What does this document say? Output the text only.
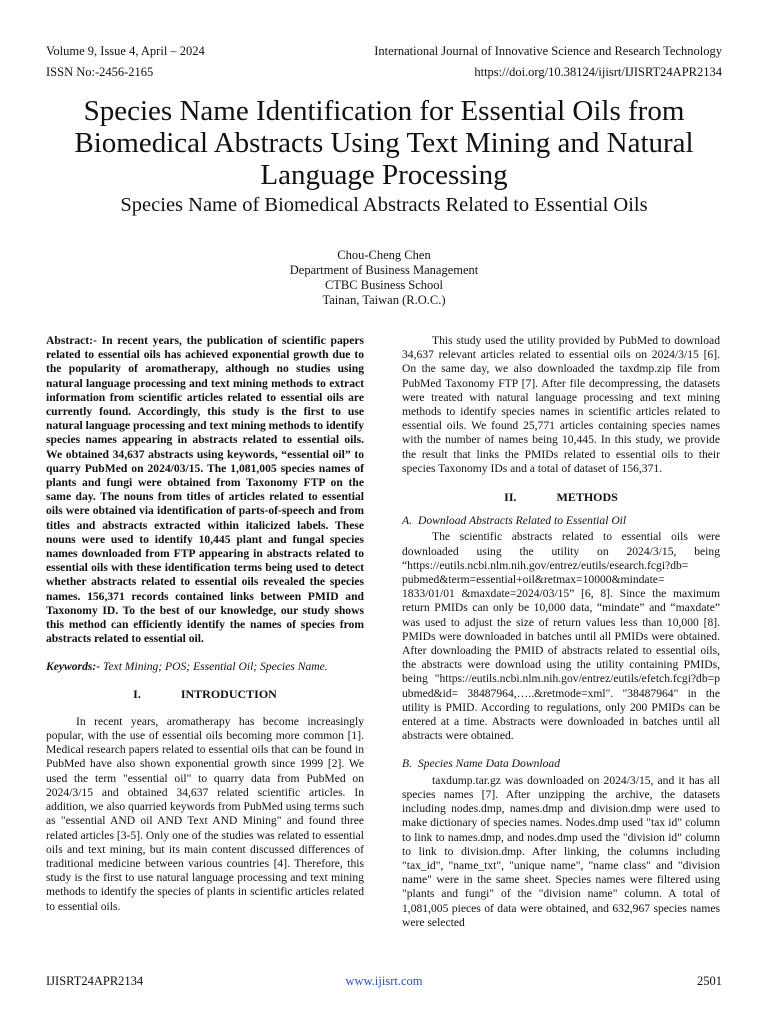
Volume 9, Issue 4, April – 2024	International Journal of Innovative Science and Research Technology
ISSN No:-2456-2165	https://doi.org/10.38124/ijisrt/IJISRT24APR2134
Species Name Identification for Essential Oils from Biomedical Abstracts Using Text Mining and Natural Language Processing
Species Name of Biomedical Abstracts Related to Essential Oils
Chou-Cheng Chen
Department of Business Management
CTBC Business School
Tainan, Taiwan (R.O.C.)

Abstract:- In recent years, the publication of scientific papers related to essential oils has achieved exponential growth due to the popularity of aromatherapy, although no studies using natural language processing and text mining methods to extract information from scientific articles related to essential oils are currently found. Accordingly, this study is the first to use natural language processing and text mining methods to identify species names appearing in abstracts related to essential oils. We obtained 34,637 abstracts using keywords, “essential oil” to quarry PubMed on 2024/03/15. The 1,081,005 species names of plants and fungi were obtained from Taxonomy FTP on the same day. The nouns from titles of articles related to essential oils were obtained via identification of parts-of-speech and from titles and abstracts extracted within italicized labels. These nouns were used to identify 10,445 plant and fungal species names downloaded from FTP appearing in abstracts related to essential oils with these identification terms being used to detect whether abstracts related to essential oils revealed the species names. 156,371 records contained links between PMID and Taxonomy ID. To the best of our knowledge, our study shows this method can efficiently identify the names of species from abstracts related to essential oil.

Keywords:- Text Mining; POS; Essential Oil; Species Name.

I.	INTRODUCTION

In recent years, aromatherapy has become increasingly popular, with the use of essential oils becoming more common [1]. Medical research papers related to essential oils that can be found in PubMed have also shown exponential growth since 1999 [2]. We used the term "essential oil" to quarry data from PubMed on 2024/3/15 and obtained 34,637 related scientific articles. In addition, we also quarried keywords from PubMed using terms such as "essential AND oil AND Text AND Mining" and found three related articles [3-5]. Only one of the studies was related to essential oils and text mining, but its main content discussed differences of traditional medicine between various countries [4]. Therefore, this study is the first to use natural language processing and text mining methods to identify the species of plants in scientific articles related to essential oils.

This study used the utility provided by PubMed to download 34,637 relevant articles related to essential oils on 2024/3/15 [6]. On the same day, we also downloaded the taxdmp.zip file from PubMed Taxonomy FTP [7]. After file decompressing, the datasets were treated with natural language processing and text mining methods to identify species names in scientific articles related to essential oils. We found 25,771 articles containing species names with the number of names being 10,445. In this study, we provide the result that links the PMIDs related to essential oils to their species Taxonomy IDs and a total of dataset of 156,371.

II.	METHODS
A. Download Abstracts Related to Essential Oil

The scientific abstracts related to essential oils were downloaded using the utility on 2024/3/15, being “https://eutils.ncbi.nlm.nih.gov/entrez/eutils/esearch.fcgi?db= pubmed&term=essential+oil&retmax=10000&mindate= 1833/01/01 &maxdate=2024/03/15” [6, 8]. Since the maximum return PMIDs can only be 10,000 data, “mindate” and “maxdate” was used to adjust the size of return values less than 10,000 [8]. PMIDs were downloaded in batches until all PMIDs were obtained. After downloading the PMID of abstracts related to essential oils, the abstracts were download using the utility containing PMIDs, being "https://eutils.ncbi.nlm.nih.gov/entrez/eutils/efetch.fcgi?db=p ubmed&id= 38487964,…..&retmode=xml". "38487964" in the utility is PMID. According to regulations, only 200 PMIDs can be entered at a time. Abstracts were downloaded in batches until all abstracts were obtained.

B. Species Name Data Download

taxdump.tar.gz was downloaded on 2024/3/15, and it has all species names [7]. After unzipping the archive, the datasets including nodes.dmp, names.dmp and division.dmp were used to make dictionary of species names. Nodes.dmp used "tax id" column to link to names.dmp, and nodes.dmp used the "division id" column to link to division.dmp. After linking, the columns including "tax_id", "name_txt", "unique name", "name class" and "division name" were in the same sheet. Species names were filtered using "plants and fungi" of the "division name" column. A total of 1,081,005 pieces of data were obtained, and 632,967 species names were selected

IJISRT24APR2134	www.ijisrt.com	2501
